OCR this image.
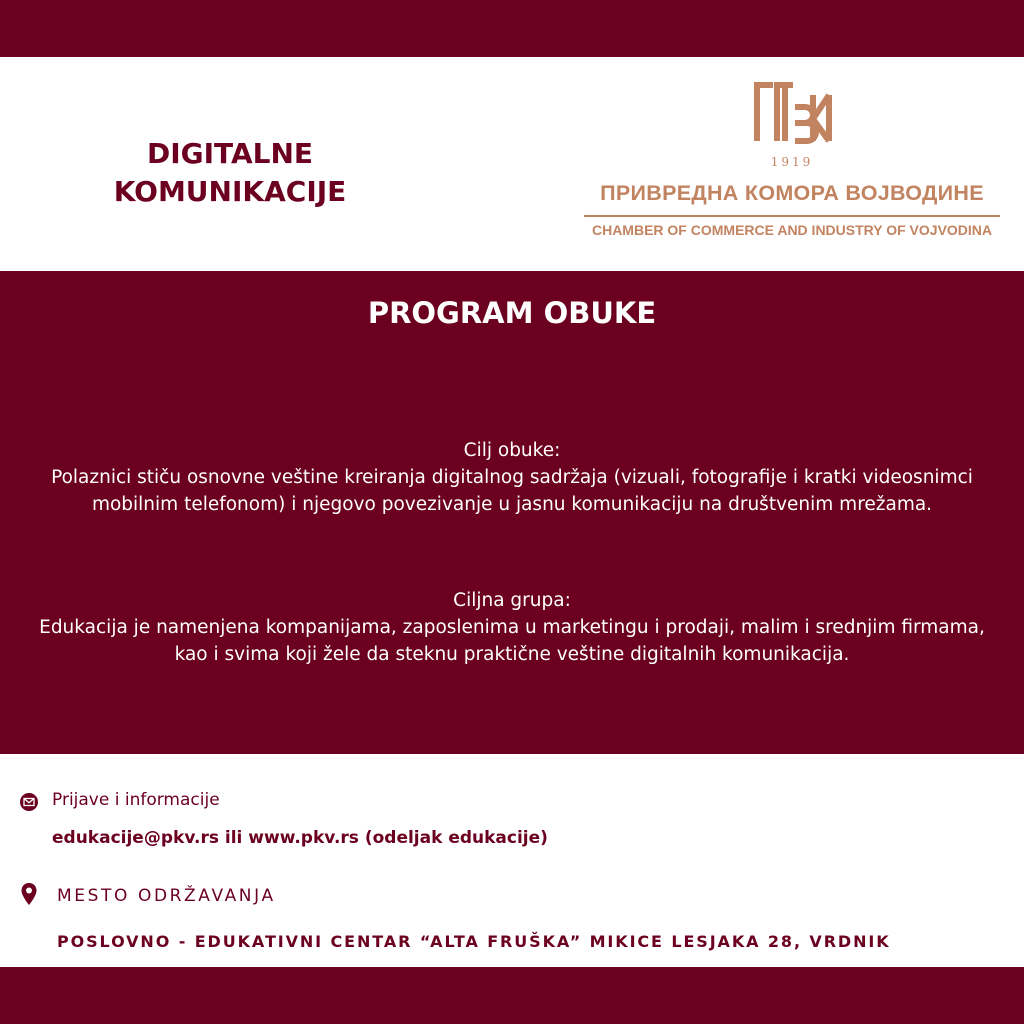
DIGITALNE
KOMUNIKACIJE
1919
ПРИВРЕДНА КОМОРА ВОЈВОДИНЕ
CHAMBER OF COMMERCE AND INDUSTRY OF VOJVODINA
PROGRAM OBUKE
Cilj obuke:
Polaznici stiču osnovne veštine kreiranja digitalnog sadržaja (vizuali, fotografije i kratki videosnimci mobilnim telefonom) i njegovo povezivanje u jasnu komunikaciju na društvenim mrežama.
Ciljna grupa:
Edukacija je namenjena kompanijama, zaposlenima u marketingu i prodaji, malim i srednjim firmama, kao i svima koji žele da steknu praktične veštine digitalnih komunikacija.
Prijave i informacije
edukacije@pkv.rs ili www.pkv.rs (odeljak edukacije)
MESTO ODRŽAVANJA
POSLOVNO - EDUKATIVNI CENTAR “ALTA FRUŠKA” MIKICE LESJAKA 28, VRDNIK
